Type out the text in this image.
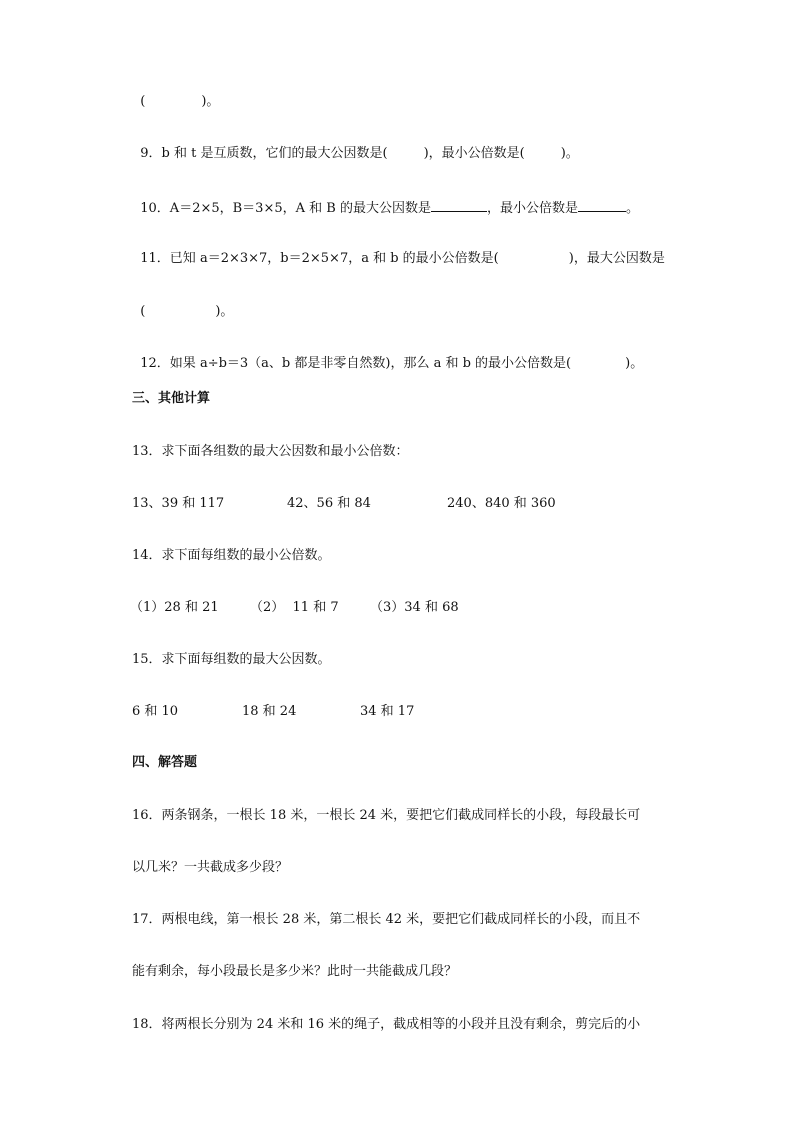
(	)。

9．b 和 t 是互质数，它们的最大公因数是(	)，最小公倍数是(	)。

10．A＝2×5，B＝3×5，A 和 B 的最大公因数是	，最小公倍数是	。

11．已知 a＝2×3×7，b＝2×5×7，a 和 b 的最小公倍数是(	)，最大公因数是

(	)。

12．如果 a÷b＝3（a、b 都是非零自然数)，那么 a 和 b 的最小公倍数是(	)。

三、其他计算
13．求下面各组数的最大公因数和最小公倍数：

13、39 和 117

	42、56 和 84

	240、840 和 360

14．求下面每组数的最小公倍数。

（1）28 和 21

（2）  11 和 7

（3）34 和 68

15．求下面每组数的最大公因数。

6 和 10

	18 和 24

	34 和 17

四、解答题
16．两条钢条，一根长 18 米，一根长 24 米，要把它们截成同样长的小段，每段最长可
以几米？一共截成多少段？
17．两根电线，第一根长 28 米，第二根长 42 米，要把它们截成同样长的小段，而且不
能有剩余，每小段最长是多少米？此时一共能截成几段？
18．将两根长分别为 24 米和 16 米的绳子，截成相等的小段并且没有剩余，剪完后的小
